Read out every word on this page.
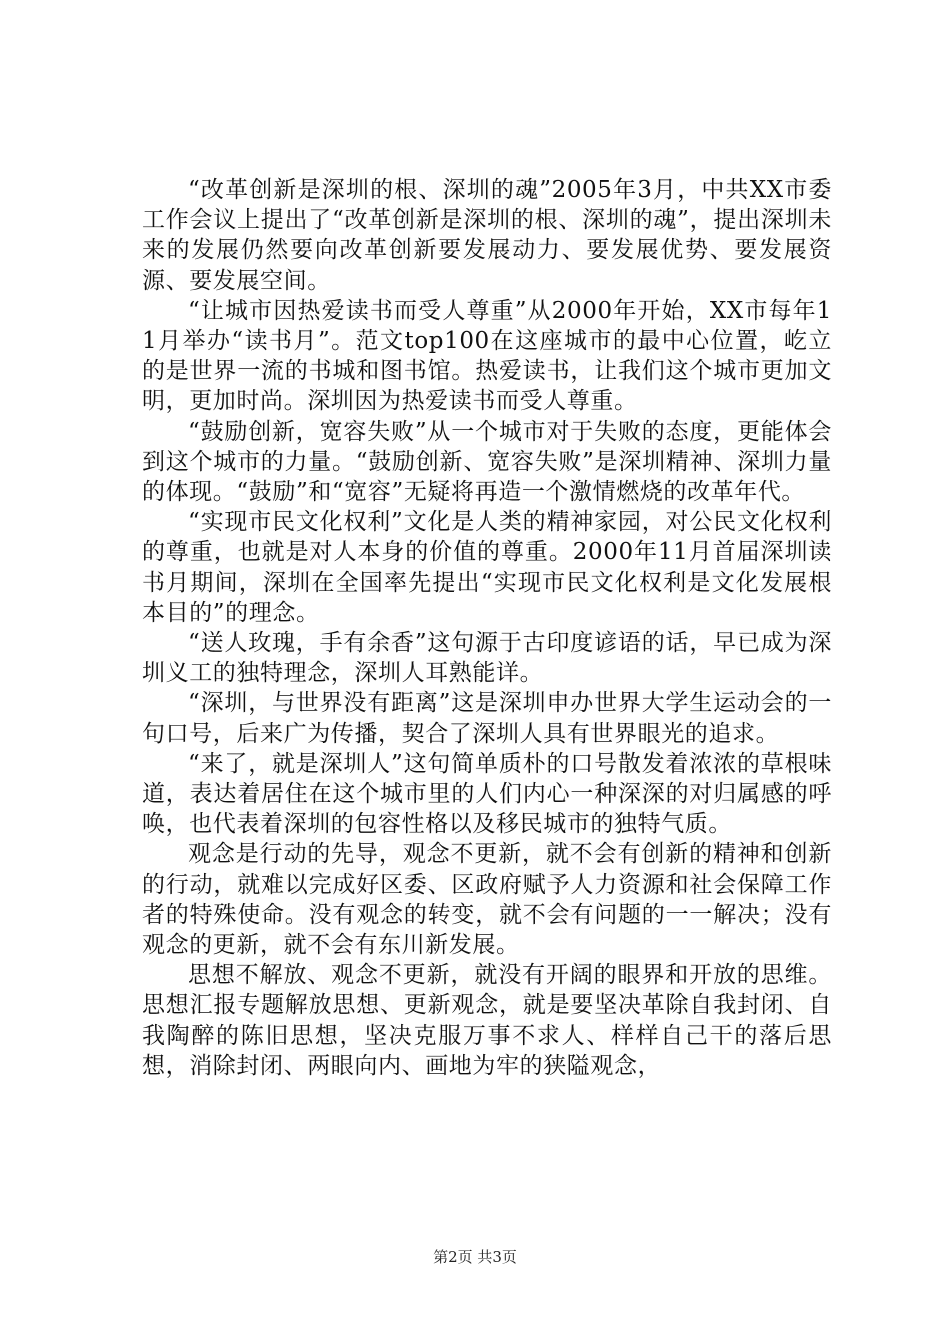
“改革创新是深圳的根、深圳的魂”2005年3月，中共XX市委工作会议上提出了“改革创新是深圳的根、深圳的魂”，提出深圳未来的发展仍然要向改革创新要发展动力、要发展优势、要发展资源、要发展空间。

“让城市因热爱读书而受人尊重”从2000年开始，XX市每年11月举办“读书月”。范文top100在这座城市的最中心位置，屹立的是世界一流的书城和图书馆。热爱读书，让我们这个城市更加文明，更加时尚。深圳因为热爱读书而受人尊重。

“鼓励创新，宽容失败”从一个城市对于失败的态度，更能体会到这个城市的力量。“鼓励创新、宽容失败”是深圳精神、深圳力量的体现。“鼓励”和“宽容”无疑将再造一个激情燃烧的改革年代。

“实现市民文化权利”文化是人类的精神家园，对公民文化权利的尊重，也就是对人本身的价值的尊重。2000年11月首届深圳读书月期间，深圳在全国率先提出“实现市民文化权利是文化发展根本目的”的理念。

“送人玫瑰，手有余香”这句源于古印度谚语的话，早已成为深圳义工的独特理念，深圳人耳熟能详。

“深圳，与世界没有距离”这是深圳申办世界大学生运动会的一句口号，后来广为传播，契合了深圳人具有世界眼光的追求。

“来了，就是深圳人”这句简单质朴的口号散发着浓浓的草根味道，表达着居住在这个城市里的人们内心一种深深的对归属感的呼唤，也代表着深圳的包容性格以及移民城市的独特气质。

观念是行动的先导，观念不更新，就不会有创新的精神和创新的行动，就难以完成好区委、区政府赋予人力资源和社会保障工作者的特殊使命。没有观念的转变，就不会有问题的一一解决；没有观念的更新，就不会有东川新发展。

思想不解放、观念不更新，就没有开阔的眼界和开放的思维。思想汇报专题解放思想、更新观念，就是要坚决革除自我封闭、自我陶醉的陈旧思想，坚决克服万事不求人、样样自己干的落后思想，消除封闭、两眼向内、画地为牢的狭隘观念，

第2页 共3页
